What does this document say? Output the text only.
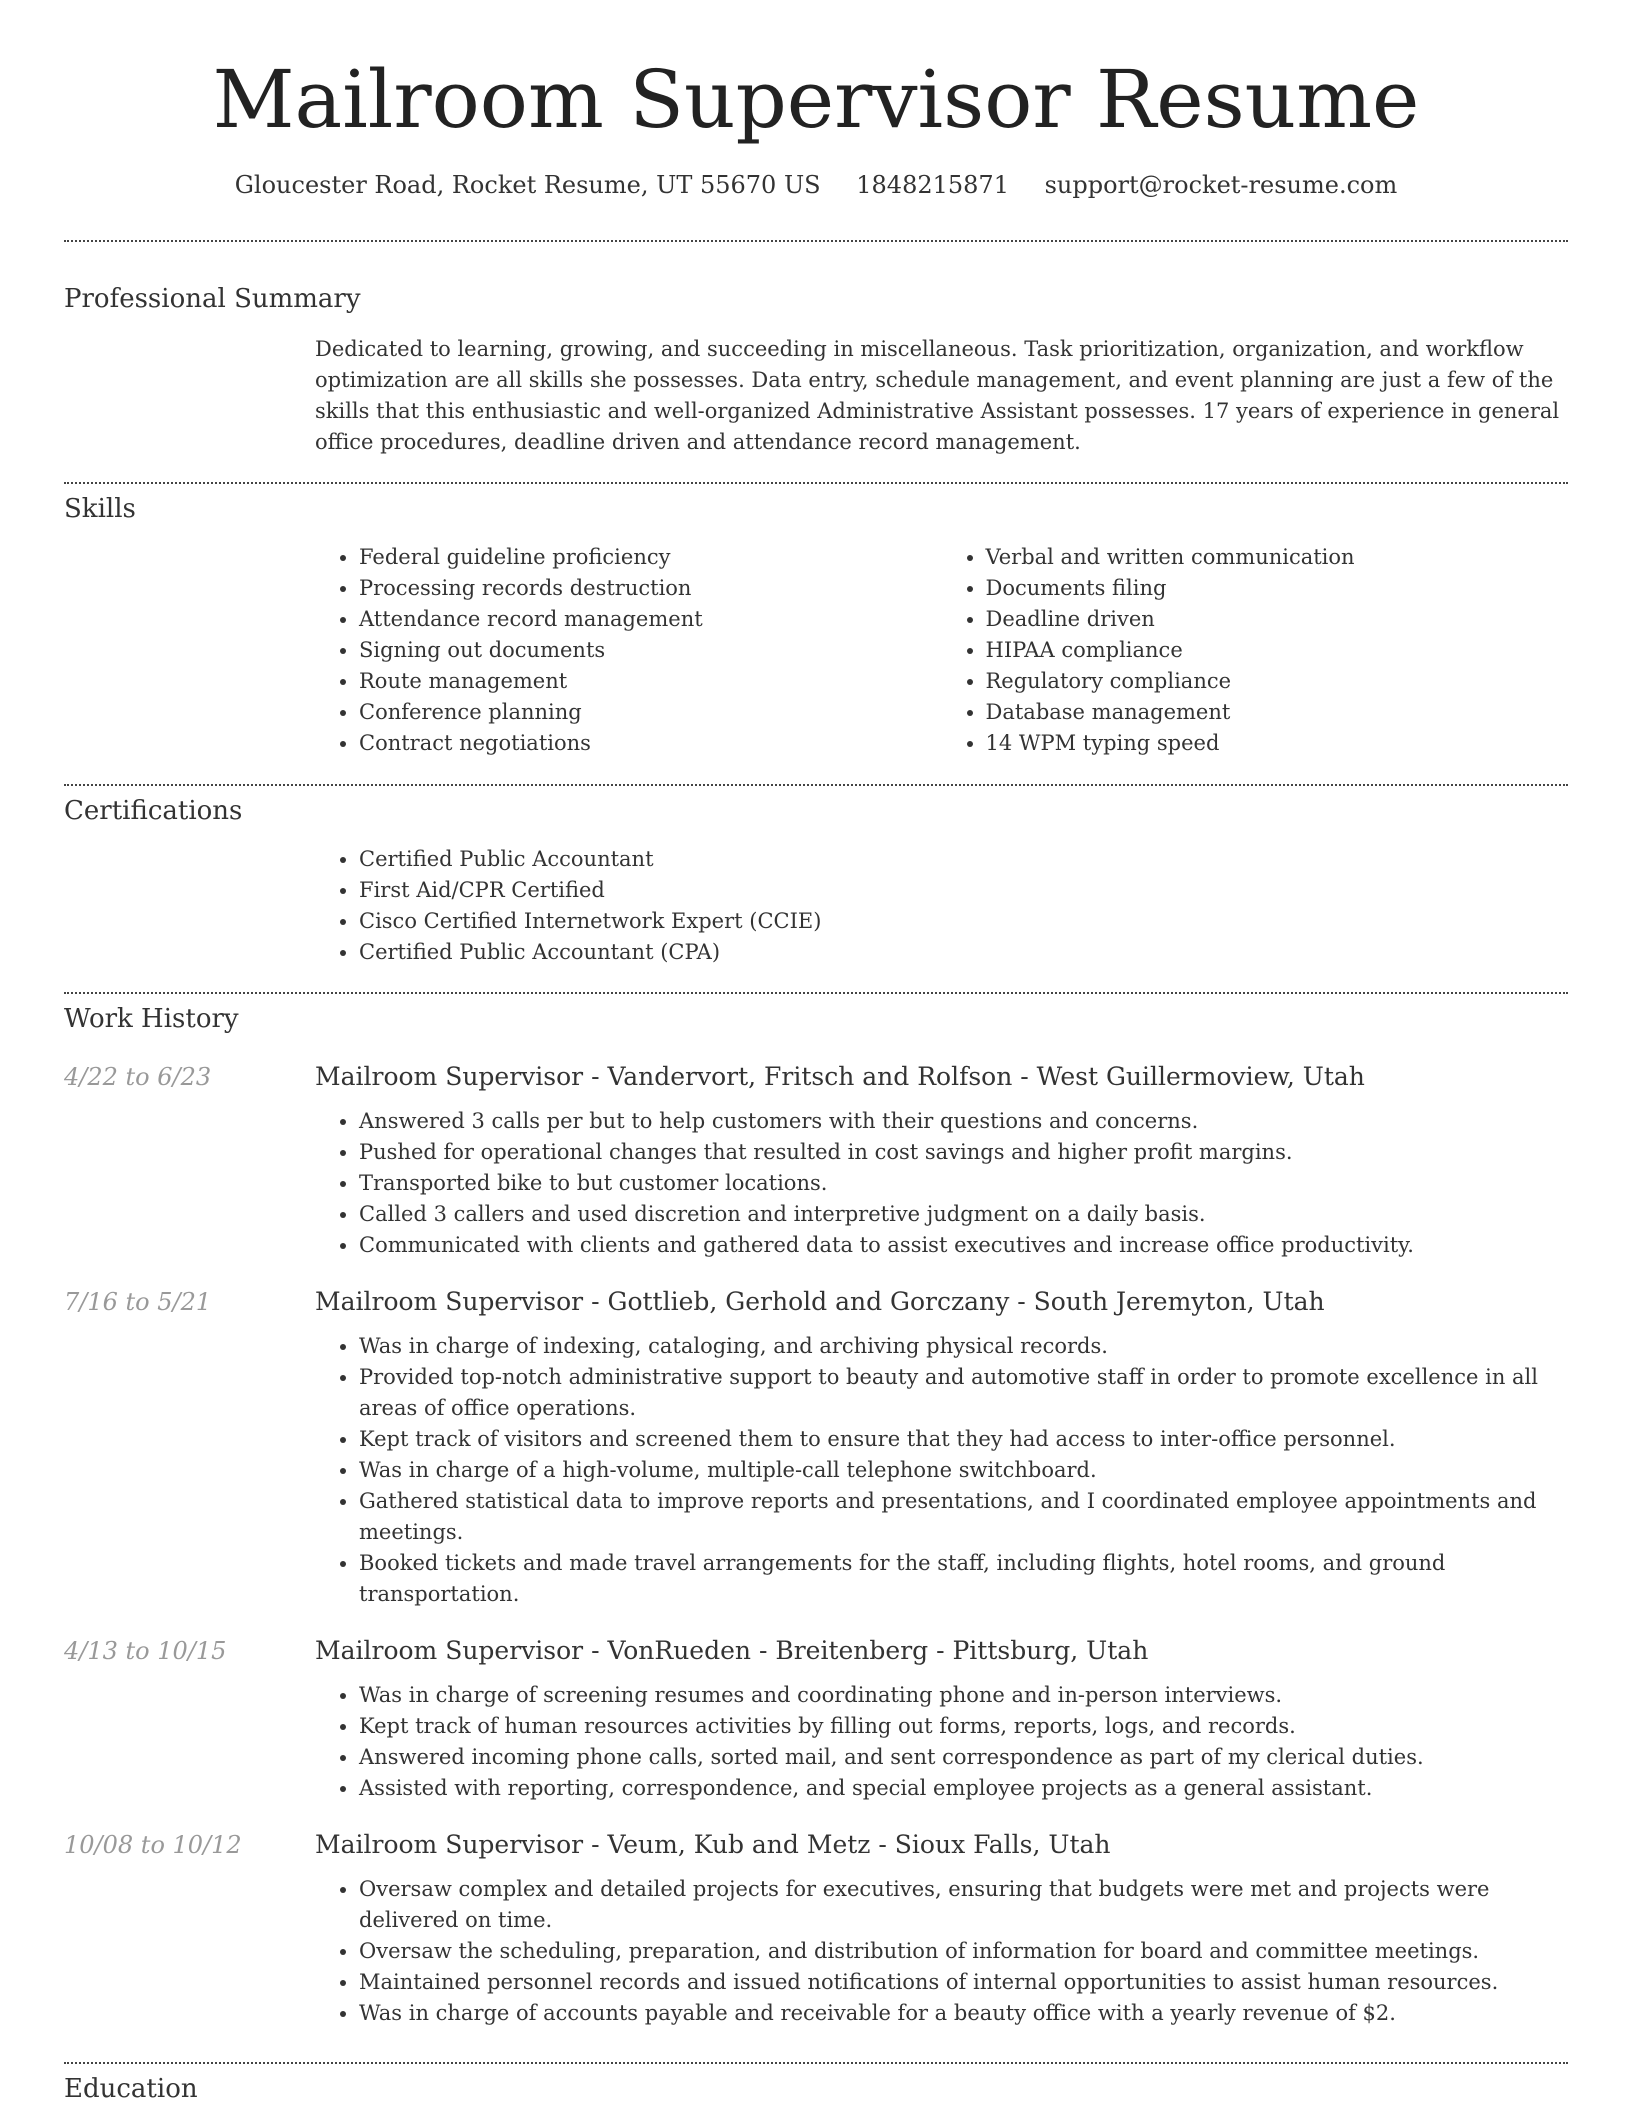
Mailroom Supervisor Resume
Gloucester Road, Rocket Resume, UT 55670 US 1848215871 support@rocket-resume.com
Professional Summary
Dedicated to learning, growing, and succeeding in miscellaneous. Task prioritization, organization, and workflow optimization are all skills she possesses. Data entry, schedule management, and event planning are just a few of the skills that this enthusiastic and well-organized Administrative Assistant possesses. 17 years of experience in general office procedures, deadline driven and attendance record management.
Skills
• Federal guideline proficiency
• Processing records destruction
• Attendance record management
• Signing out documents
• Route management
• Conference planning
• Contract negotiations
• Verbal and written communication
• Documents filing
• Deadline driven
• HIPAA compliance
• Regulatory compliance
• Database management
• 14 WPM typing speed
Certifications
• Certified Public Accountant
• First Aid/CPR Certified
• Cisco Certified Internetwork Expert (CCIE)
• Certified Public Accountant (CPA)
Work History
4/22 to 6/23	Mailroom Supervisor - Vandervort, Fritsch and Rolfson - West Guillermoview, Utah
• Answered 3 calls per but to help customers with their questions and concerns.
• Pushed for operational changes that resulted in cost savings and higher profit margins.
• Transported bike to but customer locations.
• Called 3 callers and used discretion and interpretive judgment on a daily basis.
• Communicated with clients and gathered data to assist executives and increase office productivity.
7/16 to 5/21	Mailroom Supervisor - Gottlieb, Gerhold and Gorczany - South Jeremyton, Utah
• Was in charge of indexing, cataloging, and archiving physical records.
• Provided top-notch administrative support to beauty and automotive staff in order to promote excellence in all areas of office operations.
• Kept track of visitors and screened them to ensure that they had access to inter-office personnel.
• Was in charge of a high-volume, multiple-call telephone switchboard.
• Gathered statistical data to improve reports and presentations, and I coordinated employee appointments and meetings.
• Booked tickets and made travel arrangements for the staff, including flights, hotel rooms, and ground transportation.
4/13 to 10/15	Mailroom Supervisor - VonRueden - Breitenberg - Pittsburg, Utah
• Was in charge of screening resumes and coordinating phone and in-person interviews.
• Kept track of human resources activities by filling out forms, reports, logs, and records.
• Answered incoming phone calls, sorted mail, and sent correspondence as part of my clerical duties.
• Assisted with reporting, correspondence, and special employee projects as a general assistant.
10/08 to 10/12	Mailroom Supervisor - Veum, Kub and Metz - Sioux Falls, Utah
• Oversaw complex and detailed projects for executives, ensuring that budgets were met and projects were delivered on time.
• Oversaw the scheduling, preparation, and distribution of information for board and committee meetings.
• Maintained personnel records and issued notifications of internal opportunities to assist human resources.
• Was in charge of accounts payable and receivable for a beauty office with a yearly revenue of $2.
Education
